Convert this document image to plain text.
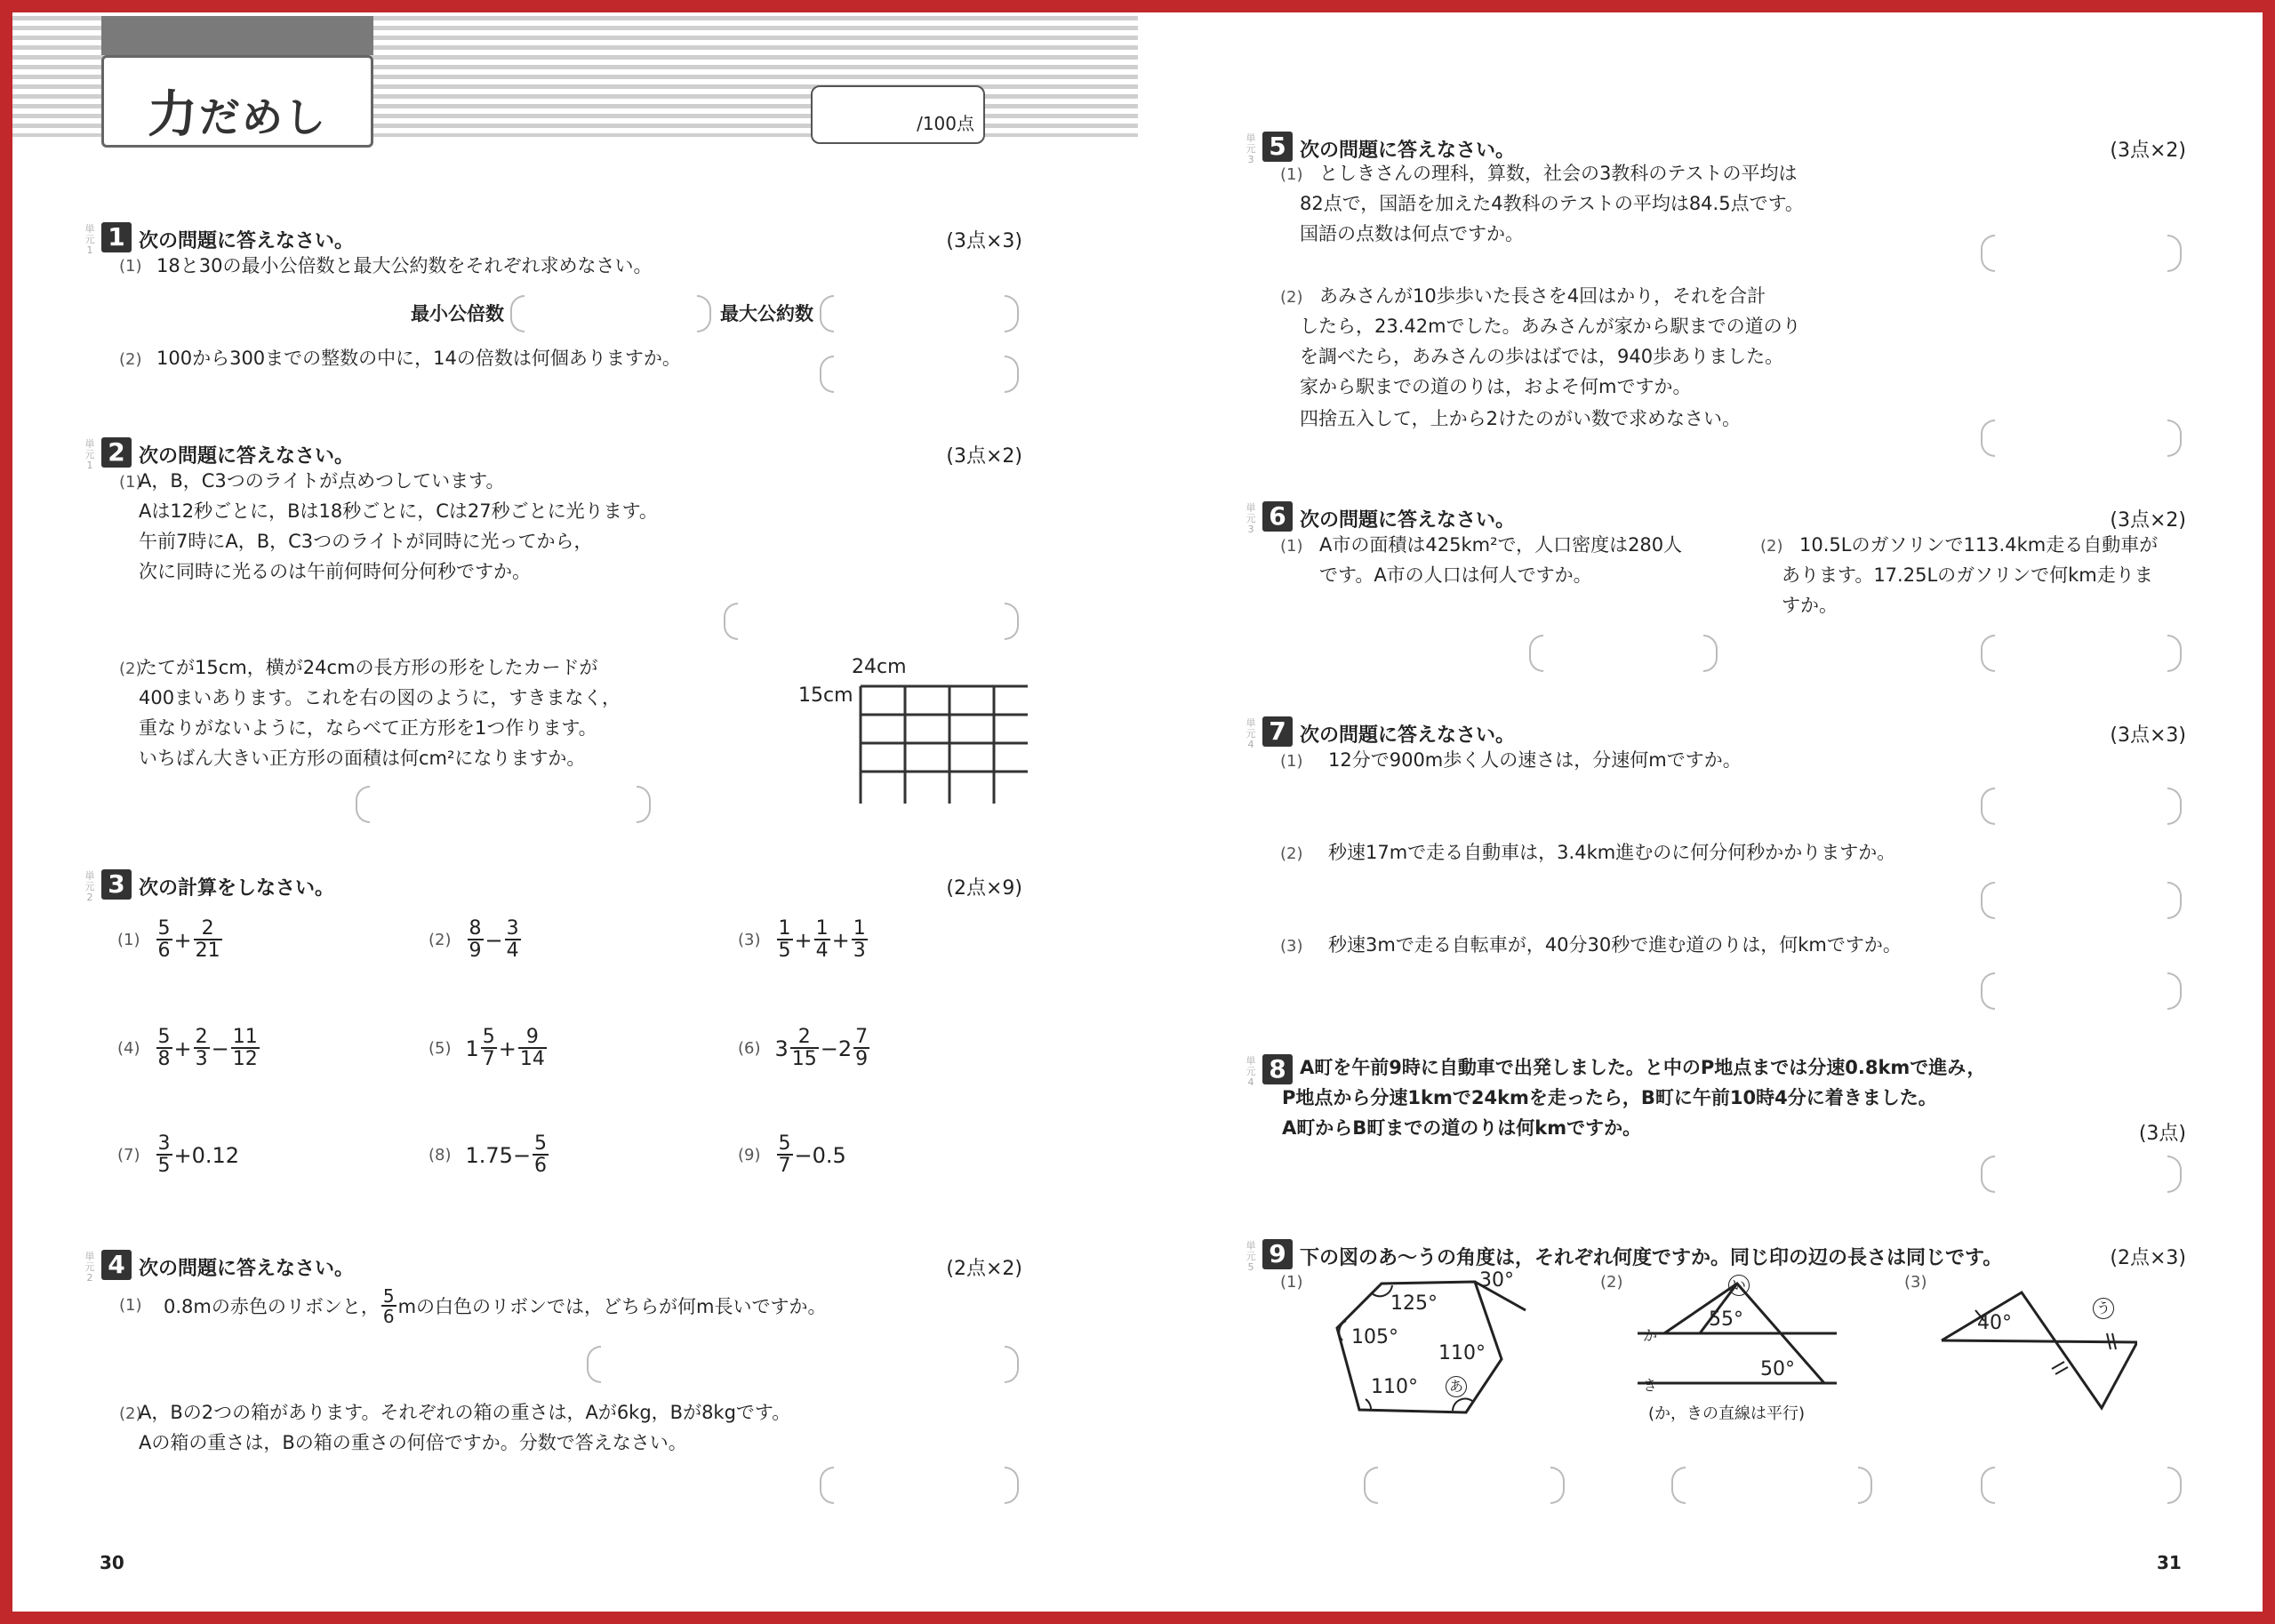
力だめし	/100点
単元1 1 次の問題に答えなさい。	(3点×3)
(1) 18と30の最小公倍数と最大公約数をそれぞれ求めなさい。
最小公倍数	最大公約数
(2) 100から300までの整数の中に，14の倍数は何個ありますか。
単元1 2 次の問題に答えなさい。	(3点×2)
(1)
A，B，C3つのライトが点めつしています。
Aは12秒ごとに，Bは18秒ごとに，Cは27秒ごとに光ります。
午前7時にA，B，C3つのライトが同時に光ってから，
次に同時に光るのは午前何時何分何秒ですか。
(2)
たてが15cm，横が24cmの長方形の形をしたカードが
400まいあります。これを右の図のように，すきまなく，
重なりがないように，ならべて正方形を1つ作ります。
いちばん大きい正方形の面積は何cm²になりますか。
24cm
15cm
単元2 3 次の計算をしなさい。	(2点×9)
$(1) \frac{5}{6} + \frac{2}{21}$	$(2) \frac{8}{9} - \frac{3}{4}$	$(3) \frac{1}{5} + \frac{1}{4} + \frac{1}{3}$
$(4) \frac{5}{8} + \frac{2}{3} - \frac{11}{12}$	(5) $1 \frac{5}{7} + \frac{9}{14}$	(6) $3 \frac{2}{15} - 2 \frac{7}{9}$
$(7) \frac{3}{5} +0.12$	(8) $1.75- \frac{5}{6}$	$(9) \frac{5}{7} -0.5$
単元2 4 次の問題に答えなさい。	(2点×2)
(1) 0.8mの赤色のリボンと， $\frac{5}{6}$ mの白色のリボンでは，どちらが何m長いですか。
(2)
A，Bの2つの箱があります。それぞれの箱の重さは，Aが6kg，Bが8kgです。
Aの箱の重さは，Bの箱の重さの何倍ですか。分数で答えなさい。
30
単元3 5 次の問題に答えなさい。	(3点×2)
(1) としきさんの理科，算数，社会の3教科のテストの平均は
82点で，国語を加えた4教科のテストの平均は84.5点です。
国語の点数は何点ですか。
(2) あみさんが10歩歩いた長さを4回はかり，それを合計
したら，23.42mでした。あみさんが家から駅までの道のり
を調べたら，あみさんの歩はばでは，940歩ありました。
家から駅までの道のりは，およそ何mですか。
四捨五入して，上から2けたのがい数で求めなさい。
単元3 6 次の問題に答えなさい。	(3点×2)
(1) A市の面積は425km²で，人口密度は280人
です。A市の人口は何人ですか。
(2) 10.5Lのガソリンで113.4km走る自動車が
あります。17.25Lのガソリンで何km走りま
すか。
単元4 7 次の問題に答えなさい。	(3点×3)
(1) 12分で900m歩く人の速さは，分速何mですか。
(2) 秒速17mで走る自動車は，3.4km進むのに何分何秒かかりますか。
(3) 秒速3mで走る自転車が，40分30秒で進む道のりは，何kmですか。
単元4 8 A町を午前9時に自動車で出発しました。と中のP地点までは分速0.8kmで進み，
P地点から分速1kmで24kmを走ったら，B町に午前10時4分に着きました。
A町からB町までの道のりは何kmですか。	(3点)
単元5 9 下の図のあ〜うの角度は，それぞれ何度ですか。同じ印の辺の長さは同じです。	(2点×3)
(1)	(2)	(3)
125°
30°
105°
110°
110° あ
い
55°
50°
か
き
(か，きの直線は平行)
40°
う
31
